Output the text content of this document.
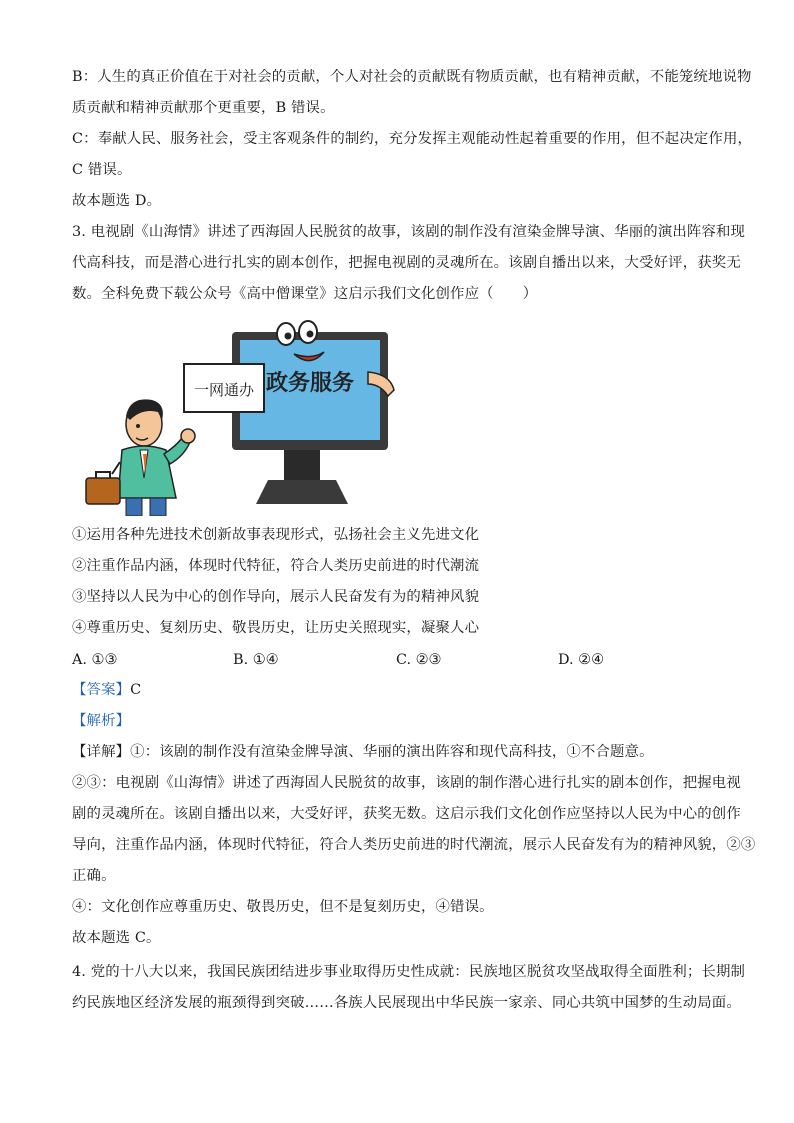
B：人生的真正价值在于对社会的贡献，个人对社会的贡献既有物质贡献，也有精神贡献，不能笼统地说物
质贡献和精神贡献那个更重要，B 错误。
C：奉献人民、服务社会，受主客观条件的制约，充分发挥主观能动性起着重要的作用，但不起决定作用，
C 错误。
故本题选 D。
3. 电视剧《山海情》讲述了西海固人民脱贫的故事，该剧的制作没有渲染金牌导演、华丽的演出阵容和现
代高科技，而是潜心进行扎实的剧本创作，把握电视剧的灵魂所在。该剧自播出以来，大受好评，获奖无
数。全科免费下载公众号《高中僧课堂》这启示我们文化创作应（　　）
政务服务
一网通办
①运用各种先进技术创新故事表现形式，弘扬社会主义先进文化
②注重作品内涵，体现时代特征，符合人类历史前进的时代潮流
③坚持以人民为中心的创作导向，展示人民奋发有为的精神风貌
④尊重历史、复刻历史、敬畏历史，让历史关照现实，凝聚人心
A. ①③	B. ①④	C. ②③	D. ②④
【答案】C
【解析】
【详解】①：该剧的制作没有渲染金牌导演、华丽的演出阵容和现代高科技，①不合题意。
②③：电视剧《山海情》讲述了西海固人民脱贫的故事，该剧的制作潜心进行扎实的剧本创作，把握电视
剧的灵魂所在。该剧自播出以来，大受好评，获奖无数。这启示我们文化创作应坚持以人民为中心的创作
导向，注重作品内涵，体现时代特征，符合人类历史前进的时代潮流，展示人民奋发有为的精神风貌，②③
正确。
④：文化创作应尊重历史、敬畏历史，但不是复刻历史，④错误。
故本题选 C。
4. 党的十八大以来，我国民族团结进步事业取得历史性成就：民族地区脱贫攻坚战取得全面胜利；长期制
约民族地区经济发展的瓶颈得到突破……各族人民展现出中华民族一家亲、同心共筑中国梦的生动局面。
